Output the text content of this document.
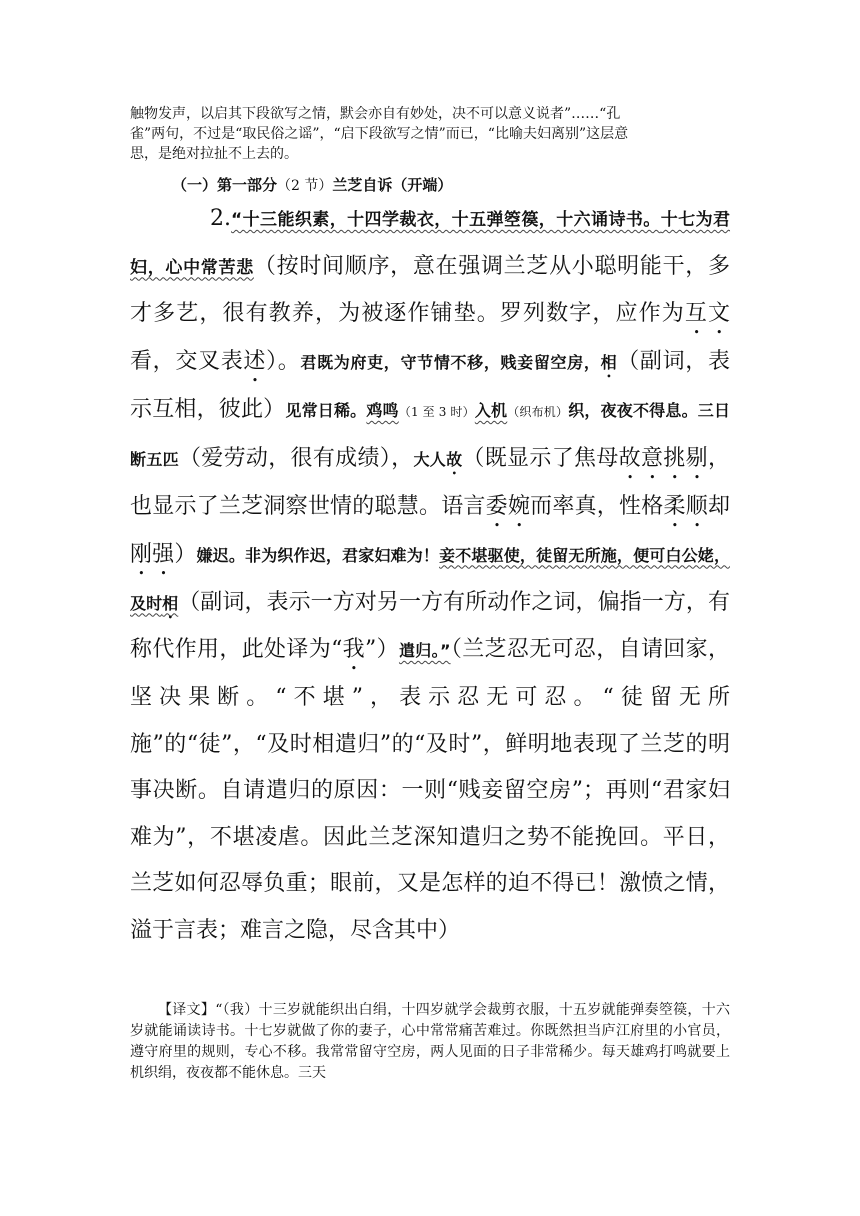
触物发声，以启其下段欲写之情，默会亦自有妙处，决不可以意义说者”……“孔
雀”两句，不过是“取民俗之谣”，“启下段欲写之情”而已，“比喻夫妇离别”这层意
思，是绝对拉扯不上去的。
（一）第一部分（2 节）兰芝自诉（开端）
2.“十三能织素，十四学裁衣，十五弹箜篌，十六诵诗书。十七为君妇，心中常苦悲（按时间顺序，意在强调兰芝从小聪明能干，多才多艺，很有教养，为被逐作铺垫。罗列数字，应作为互文看，交叉表述）。君既为府吏，守节情不移，贱妾留空房，相（副词，表示互相，彼此）见常日稀。鸡鸣（1 至 3 时）入机（织布机）织，夜夜不得息。三日断五匹（爱劳动，很有成绩），大人故（既显示了焦母故意挑剔，也显示了兰芝洞察世情的聪慧。语言委婉而率真，性格柔顺却刚强）嫌迟。非为织作迟，君家妇难为！妾不堪驱使，徒留无所施，便可白公姥，及时相（副词，表示一方对另一方有所动作之词，偏指一方，有称代作用，此处译为“我”）遣归。”（兰芝忍无可忍，自请回家，坚决果断。“不堪”，表示忍无可忍。“徒留无所施”的“徒”，“及时相遣归”的“及时”，鲜明地表现了兰芝的明事决断。自请遣归的原因：一则“贱妾留空房”；再则“君家妇难为”，不堪凌虐。因此兰芝深知遣归之势不能挽回。平日，兰芝如何忍辱负重；眼前，又是怎样的迫不得已！激愤之情，溢于言表；难言之隐，尽含其中）
【译文】“（我）十三岁就能织出白绢，十四岁就学会裁剪衣服，十五岁就能弹奏箜篌，十六岁就能诵读诗书。十七岁就做了你的妻子，心中常常痛苦难过。你既然担当庐江府里的小官员，遵守府里的规则，专心不移。我常常留守空房，两人见面的日子非常稀少。每天雄鸡打鸣就要上机织绢，夜夜都不能休息。三天
